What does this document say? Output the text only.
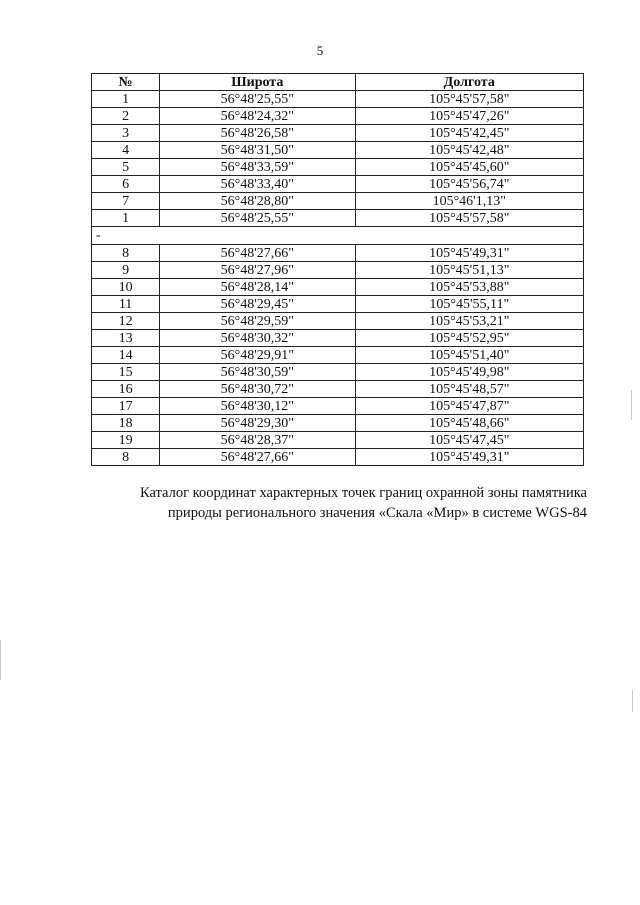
5
№	Широта	Долгота
1	56°48'25,55"	105°45'57,58"
2	56°48'24,32"	105°45'47,26"
3	56°48'26,58"	105°45'42,45"
4	56°48'31,50"	105°45'42,48"
5	56°48'33,59"	105°45'45,60"
6	56°48'33,40"	105°45'56,74"
7	56°48'28,80"	105°46'1,13"
1	56°48'25,55"	105°45'57,58"
-		
8	56°48'27,66"	105°45'49,31"
9	56°48'27,96"	105°45'51,13"
10	56°48'28,14"	105°45'53,88"
11	56°48'29,45"	105°45'55,11"
12	56°48'29,59"	105°45'53,21"
13	56°48'30,32"	105°45'52,95"
14	56°48'29,91"	105°45'51,40"
15	56°48'30,59"	105°45'49,98"
16	56°48'30,72"	105°45'48,57"
17	56°48'30,12"	105°45'47,87"
18	56°48'29,30"	105°45'48,66"
19	56°48'28,37"	105°45'47,45"
8	56°48'27,66"	105°45'49,31"
Каталог координат характерных точек границ охранной зоны памятника
природы регионального значения «Скала «Мир» в системе WGS-84
